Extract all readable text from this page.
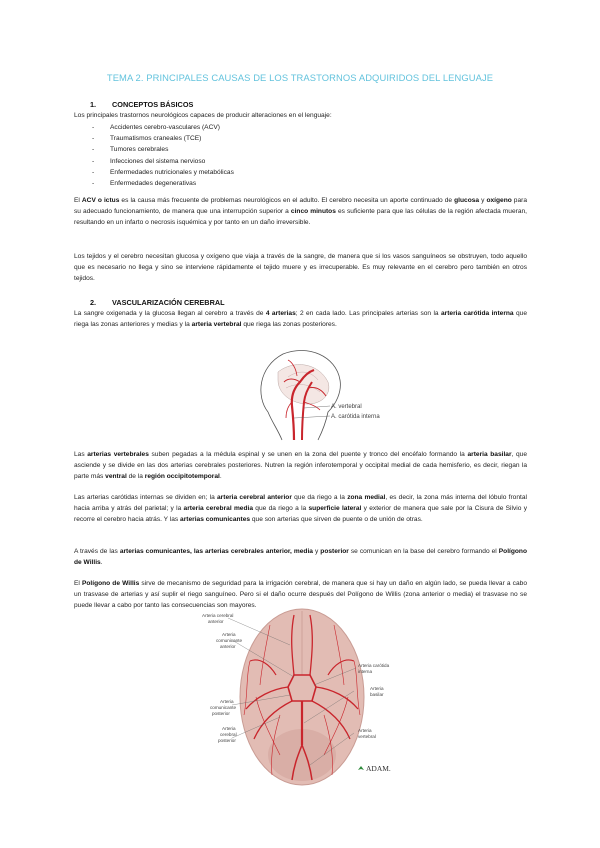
TEMA 2. PRINCIPALES CAUSAS DE LOS TRASTORNOS ADQUIRIDOS DEL LENGUAJE
1. CONCEPTOS BÁSICOS
Los principales trastornos neurológicos capaces de producir alteraciones en el lenguaje:
- Accidentes cerebro-vasculares (ACV)
- Traumatismos craneales (TCE)
- Tumores cerebrales
- Infecciones del sistema nervioso
- Enfermedades nutricionales y metabólicas
- Enfermedades degenerativas
El ACV o ictus es la causa más frecuente de problemas neurológicos en el adulto. El cerebro necesita un aporte continuado de glucosa y oxígeno para su adecuado funcionamiento, de manera que una interrupción superior a cinco minutos es suficiente para que las células de la región afectada mueran, resultando en un infarto o necrosis isquémica y por tanto en un daño irreversible.
Los tejidos y el cerebro necesitan glucosa y oxígeno que viaja a través de la sangre, de manera que si los vasos sanguíneos se obstruyen, todo aquello que es necesario no llega y sino se interviene rápidamente el tejido muere y es irrecuperable. Es muy relevante en el cerebro pero también en otros tejidos.
2. VASCULARIZACIÓN CEREBRAL
La sangre oxigenada y la glucosa llegan al cerebro a través de 4 arterias; 2 en cada lado. Las principales arterias son la arteria carótida interna que riega las zonas anteriores y medias y la arteria vertebral que riega las zonas posteriores.
A. vertebral
A. carótida interna
Las arterias vertebrales suben pegadas a la médula espinal y se unen en la zona del puente y tronco del encéfalo formando la arteria basilar, que asciende y se divide en las dos arterias cerebrales posteriores. Nutren la región inferotemporal y occipital medial de cada hemisferio, es decir, riegan la parte más ventral de la región occipitotemporal.
Las arterias carótidas internas se dividen en; la arteria cerebral anterior que da riego a la zona medial, es decir, la zona más interna del lóbulo frontal hacia arriba y atrás del parietal; y la arteria cerebral media que da riego a la superficie lateral y exterior de manera que sale por la Cisura de Silvio y recorre el cerebro hacia atrás. Y las arterias comunicantes que son arterias que sirven de puente o de unión de otras.
A través de las arterias comunicantes, las arterias cerebrales anterior, media y posterior se comunican en la base del cerebro formando el Polígono de Willis.
El Polígono de Willis sirve de mecanismo de seguridad para la irrigación cerebral, de manera que si hay un daño en algún lado, se pueda llevar a cabo un trasvase de arterias y así suplir el riego sanguíneo. Pero si el daño ocurre después del Polígono de Willis (zona anterior o media) el trasvase no se puede llevar a cabo por tanto las consecuencias son mayores.
Arteria cerebral
anterior
Arteria
comunicante
anterior
Arteria
comunicante
posterior
Arteria
cerebral
posterior
Arteria carótida
interna
Arteria
basilar
Arteria
vertebral
ADAM.
